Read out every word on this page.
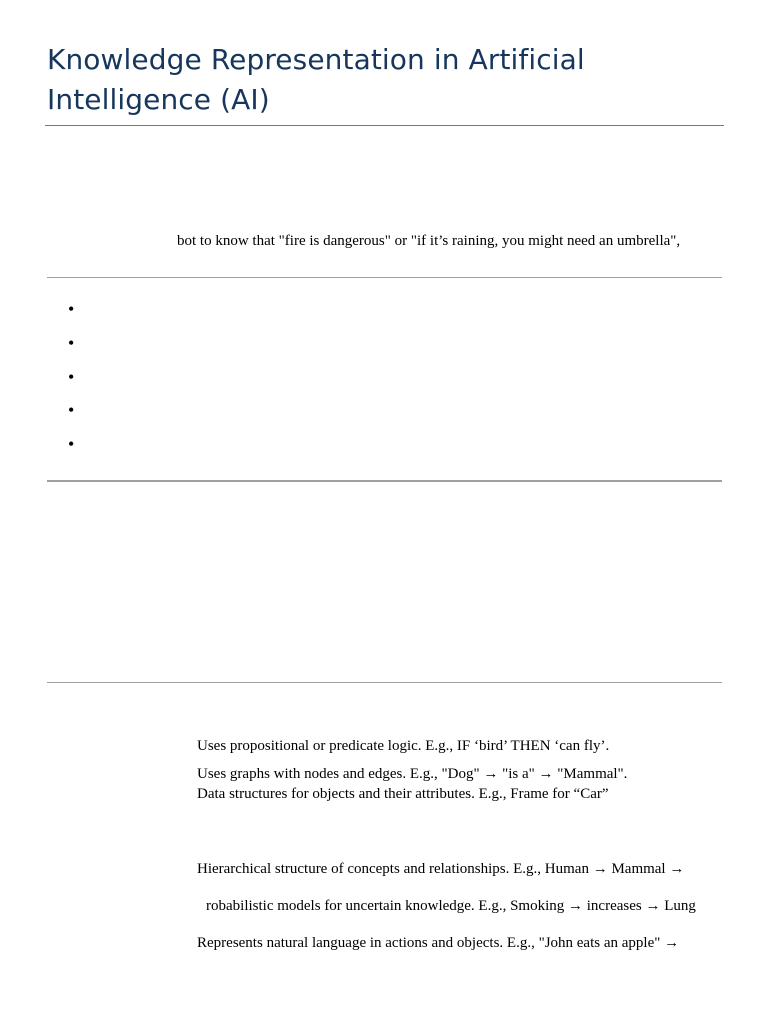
Knowledge Representation in Artificial Intelligence (AI)
bot to know that "fire is dangerous" or "if it’s raining, you might need an umbrella",
•
•
•
•
•
Uses propositional or predicate logic. E.g., IF ‘bird’ THEN ‘can fly’.
Uses graphs with nodes and edges. E.g., "Dog" → "is a" → "Mammal".
Data structures for objects and their attributes. E.g., Frame for “Car”
Hierarchical structure of concepts and relationships. E.g., Human → Mammal →
robabilistic models for uncertain knowledge. E.g., Smoking → increases → Lung
Represents natural language in actions and objects. E.g., "John eats an apple" →
